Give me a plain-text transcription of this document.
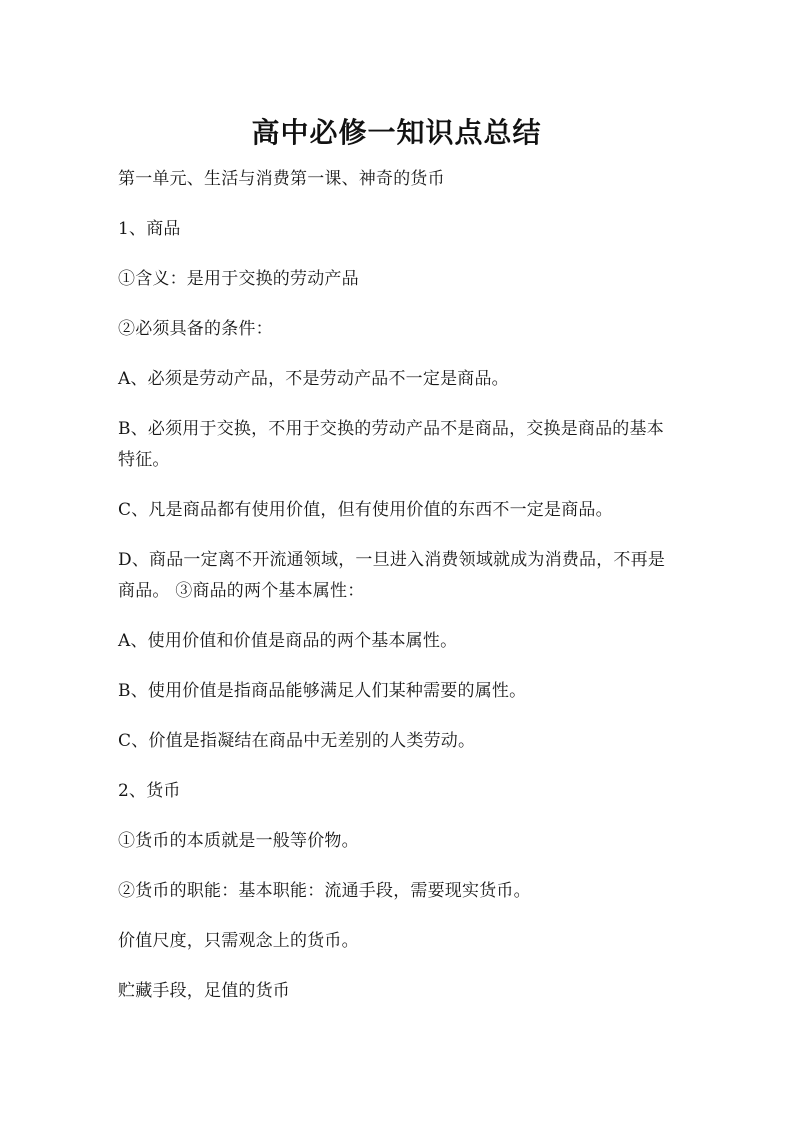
高中必修一知识点总结

第一单元、生活与消费第一课、神奇的货币

1、商品

①含义：是用于交换的劳动产品

②必须具备的条件：

A、必须是劳动产品，不是劳动产品不一定是商品。

B、必须用于交换，不用于交换的劳动产品不是商品，交换是商品的基本特征。

C、凡是商品都有使用价值，但有使用价值的东西不一定是商品。

D、商品一定离不开流通领域，一旦进入消费领域就成为消费品，不再是商品。 ③商品的两个基本属性：

A、使用价值和价值是商品的两个基本属性。

B、使用价值是指商品能够满足人们某种需要的属性。

C、价值是指凝结在商品中无差别的人类劳动。

2、货币

①货币的本质就是一般等价物。

②货币的职能：基本职能：流通手段，需要现实货币。

价值尺度，只需观念上的货币。

贮藏手段，足值的货币
